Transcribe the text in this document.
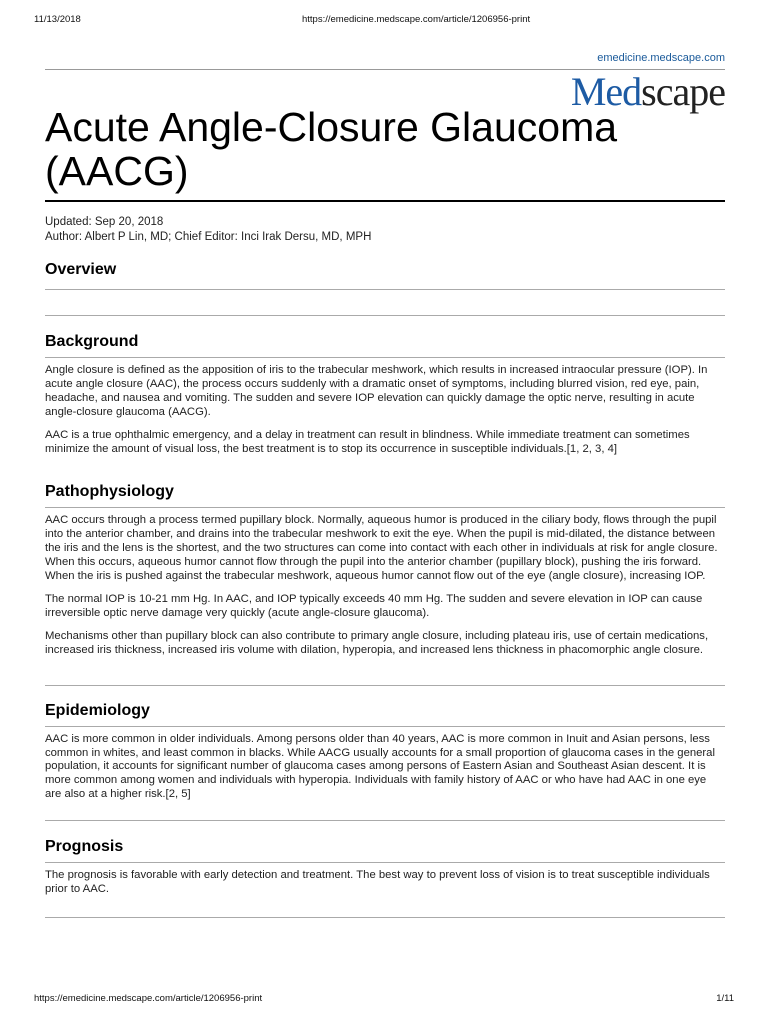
11/13/2018	https://emedicine.medscape.com/article/1206956-print
emedicine.medscape.com
Medscape
Acute Angle-Closure Glaucoma (AACG)
Updated: Sep 20, 2018
Author: Albert P Lin, MD; Chief Editor: Inci Irak Dersu, MD, MPH
Overview
Background

Angle closure is defined as the apposition of iris to the trabecular meshwork, which results in increased intraocular pressure (IOP). In acute angle closure (AAC), the process occurs suddenly with a dramatic onset of symptoms, including blurred vision, red eye, pain, headache, and nausea and vomiting. The sudden and severe IOP elevation can quickly damage the optic nerve, resulting in acute angle-closure glaucoma (AACG).

AAC is a true ophthalmic emergency, and a delay in treatment can result in blindness. While immediate treatment can sometimes minimize the amount of visual loss, the best treatment is to stop its occurrence in susceptible individuals.[1, 2, 3, 4]

Pathophysiology

AAC occurs through a process termed pupillary block. Normally, aqueous humor is produced in the ciliary body, flows through the pupil into the anterior chamber, and drains into the trabecular meshwork to exit the eye. When the pupil is mid-dilated, the distance between the iris and the lens is the shortest, and the two structures can come into contact with each other in individuals at risk for angle closure. When this occurs, aqueous humor cannot flow through the pupil into the anterior chamber (pupillary block), pushing the iris forward. When the iris is pushed against the trabecular meshwork, aqueous humor cannot flow out of the eye (angle closure), increasing IOP.

The normal IOP is 10-21 mm Hg. In AAC, and IOP typically exceeds 40 mm Hg. The sudden and severe elevation in IOP can cause irreversible optic nerve damage very quickly (acute angle-closure glaucoma).

Mechanisms other than pupillary block can also contribute to primary angle closure, including plateau iris, use of certain medications, increased iris thickness, increased iris volume with dilation, hyperopia, and increased lens thickness in phacomorphic angle closure.

Epidemiology

AAC is more common in older individuals. Among persons older than 40 years, AAC is more common in Inuit and Asian persons, less common in whites, and least common in blacks. While AACG usually accounts for a small proportion of glaucoma cases in the general population, it accounts for significant number of glaucoma cases among persons of Eastern Asian and Southeast Asian descent. It is more common among women and individuals with hyperopia. Individuals with family history of AAC or who have had AAC in one eye are also at a higher risk.[2, 5]

Prognosis

The prognosis is favorable with early detection and treatment. The best way to prevent loss of vision is to treat susceptible individuals prior to AAC.

https://emedicine.medscape.com/article/1206956-print	1/11
